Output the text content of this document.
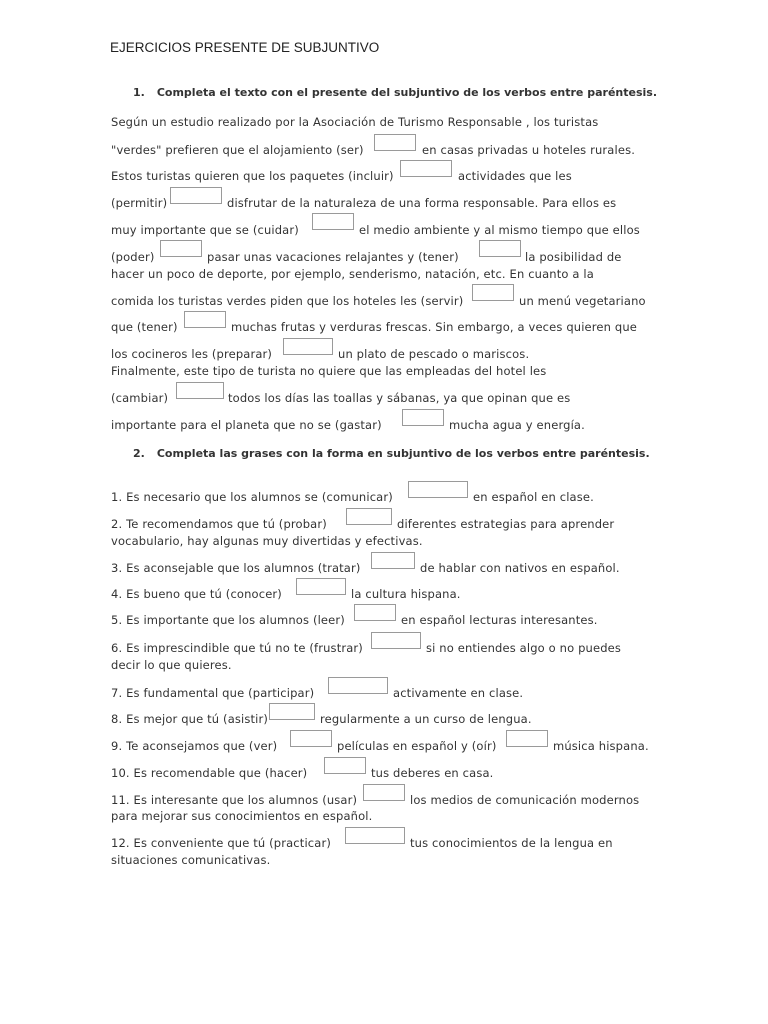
EJERCICIOS PRESENTE DE SUBJUNTIVO
1. Completa el texto con el presente del subjuntivo de los verbos entre paréntesis.
Según un estudio realizado por la Asociación de Turismo Responsable , los turistas
"verdes" prefieren que el alojamiento (ser)	en casas privadas u hoteles rurales.
Estos turistas quieren que los paquetes (incluir)	actividades que les
(permitir)	disfrutar de la naturaleza de una forma responsable. Para ellos es
muy importante que se (cuidar)	el medio ambiente y al mismo tiempo que ellos
(poder)	pasar unas vacaciones relajantes y (tener)	la posibilidad de
hacer un poco de deporte, por ejemplo, senderismo, natación, etc. En cuanto a la
comida los turistas verdes piden que los hoteles les (servir)	un menú vegetariano
que (tener)	muchas frutas y verduras frescas. Sin embargo, a veces quieren que
los cocineros les (preparar)	un plato de pescado o mariscos.
Finalmente, este tipo de turista no quiere que las empleadas del hotel les
(cambiar)	todos los días las toallas y sábanas, ya que opinan que es
importante para el planeta que no se (gastar)	mucha agua y energía.
2. Completa las grases con la forma en subjuntivo de los verbos entre paréntesis.
1. Es necesario que los alumnos se (comunicar)	en español en clase.
2. Te recomendamos que tú (probar)	diferentes estrategias para aprender
vocabulario, hay algunas muy divertidas y efectivas.
3. Es aconsejable que los alumnos (tratar)	de hablar con nativos en español.
4. Es bueno que tú (conocer)	la cultura hispana.
5. Es importante que los alumnos (leer)	en español lecturas interesantes.
6. Es imprescindible que tú no te (frustrar)	si no entiendes algo o no puedes
decir lo que quieres.
7. Es fundamental que (participar)	activamente en clase.
8. Es mejor que tú (asistir)	regularmente a un curso de lengua.
9. Te aconsejamos que (ver)	películas en español y (oír)	música hispana.
10. Es recomendable que (hacer)	tus deberes en casa.
11. Es interesante que los alumnos (usar)	los medios de comunicación modernos
para mejorar sus conocimientos en español.
12. Es conveniente que tú (practicar)	tus conocimientos de la lengua en
situaciones comunicativas.
